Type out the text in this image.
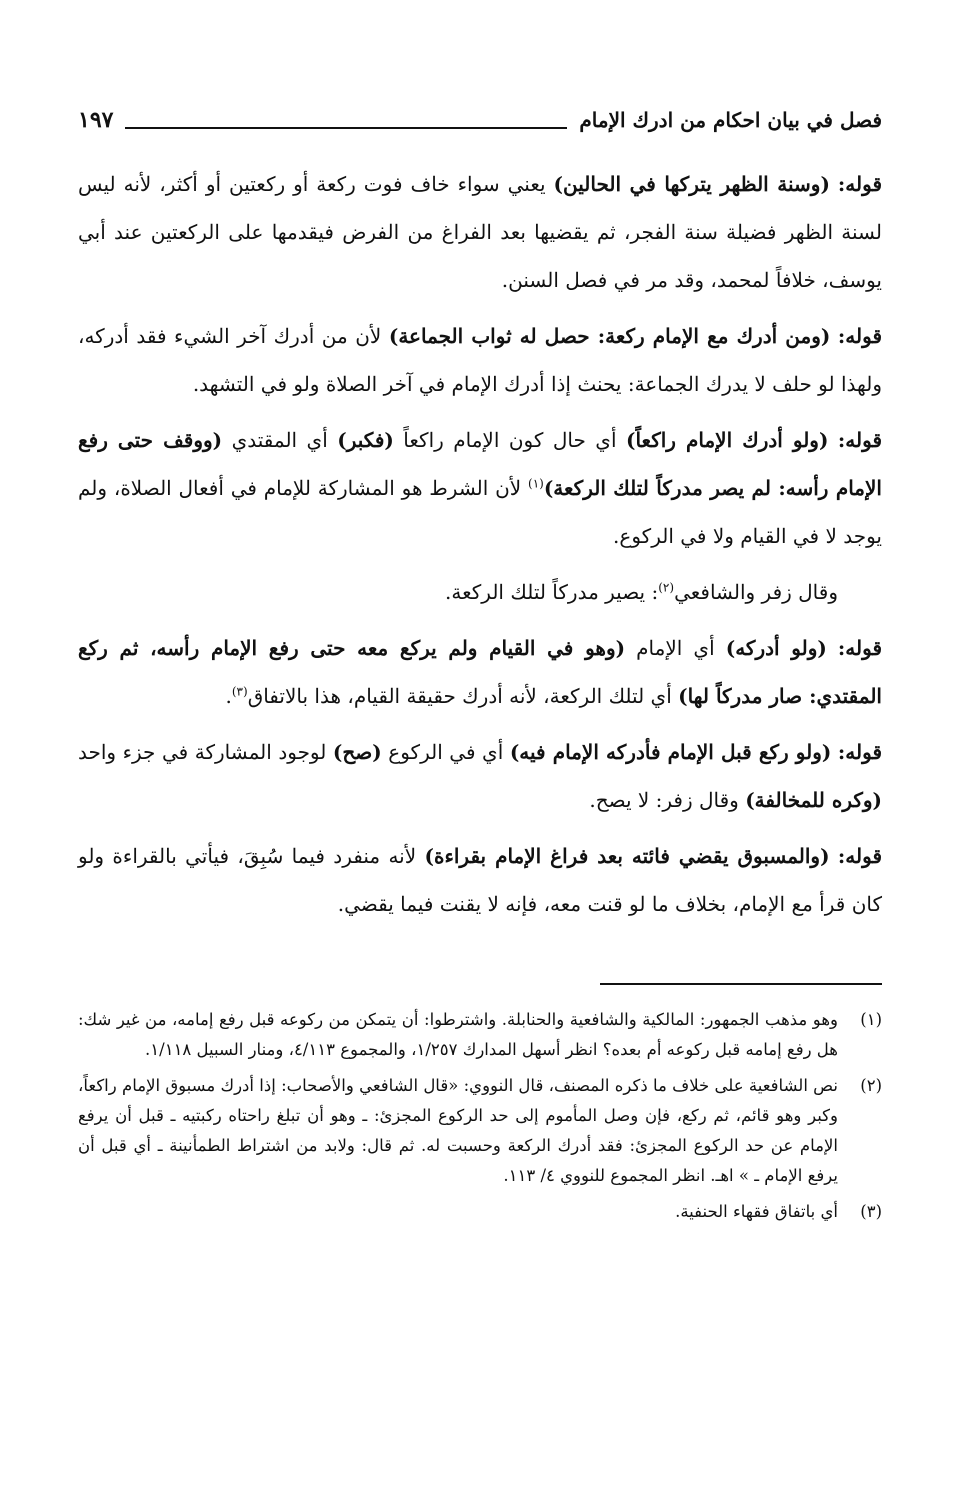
فصل في بيان احكام من ادرك الإمام
١٩٧

قوله: (وسنة الظهر يتركها في الحالين) يعني سواء خاف فوت ركعة أو ركعتين أو أكثر، لأنه ليس لسنة الظهر فضيلة سنة الفجر، ثم يقضيها بعد الفراغ من الفرض فيقدمها على الركعتين عند أبي يوسف، خلافاً لمحمد، وقد مر في فصل السنن.

قوله: (ومن أدرك مع الإمام ركعة: حصل له ثواب الجماعة) لأن من أدرك آخر الشيء فقد أدركه، ولهذا لو حلف لا يدرك الجماعة: يحنث إذا أدرك الإمام في آخر الصلاة ولو في التشهد.

قوله: (ولو أدرك الإمام راكعاً) أي حال كون الإمام راكعاً (فكبر) أي المقتدي (ووقف حتى رفع الإمام رأسه: لم يصر مدركاً لتلك الركعة)$^{(١)}$ لأن الشرط هو المشاركة للإمام في أفعال الصلاة، ولم يوجد لا في القيام ولا في الركوع.

وقال زفر والشافعي$^{(٢)}$: يصير مدركاً لتلك الركعة.

قوله: (ولو أدركه) أي الإمام (وهو في القيام ولم يركع معه حتى رفع الإمام رأسه، ثم ركع المقتدي: صار مدركاً لها) أي لتلك الركعة، لأنه أدرك حقيقة القيام، هذا بالاتفاق$^{(٣)}$.

قوله: (ولو ركع قبل الإمام فأدركه الإمام فيه) أي في الركوع (صح) لوجود المشاركة في جزء واحد (وكره للمخالفة) وقال زفر: لا يصح.

قوله: (والمسبوق يقضي فائته بعد فراغ الإمام بقراءة) لأنه منفرد فيما سُبِقَ، فيأتي بالقراءة ولو كان قرأ مع الإمام، بخلاف ما لو قنت معه، فإنه لا يقنت فيما يقضي.

(١)
وهو مذهب الجمهور: المالكية والشافعية والحنابلة. واشترطوا: أن يتمكن من ركوعه قبل رفع إمامه، من غير شك: هل رفع إمامه قبل ركوعه أم بعده؟ انظر أسهل المدارك ١/٢٥٧، والمجموع ٤/١١٣، ومنار السبيل ١/١١٨.
(٢)
نص الشافعية على خلاف ما ذكره المصنف، قال النووي: «قال الشافعي والأصحاب: إذا أدرك مسبوق الإمام راكعاً، وكبر وهو قائم، ثم ركع، فإن وصل المأموم إلى حد الركوع المجزئ: ـ وهو أن تبلغ راحتاه ركبتيه ـ قبل أن يرفع الإمام عن حد الركوع المجزئ: فقد أدرك الركعة وحسبت له. ثم قال: ولابد من اشتراط الطمأنينة ـ أي قبل أن يرفع الإمام ـ » اهـ. انظر المجموع للنووي ٤/ ١١٣.
(٣)
أي باتفاق فقهاء الحنفية.
